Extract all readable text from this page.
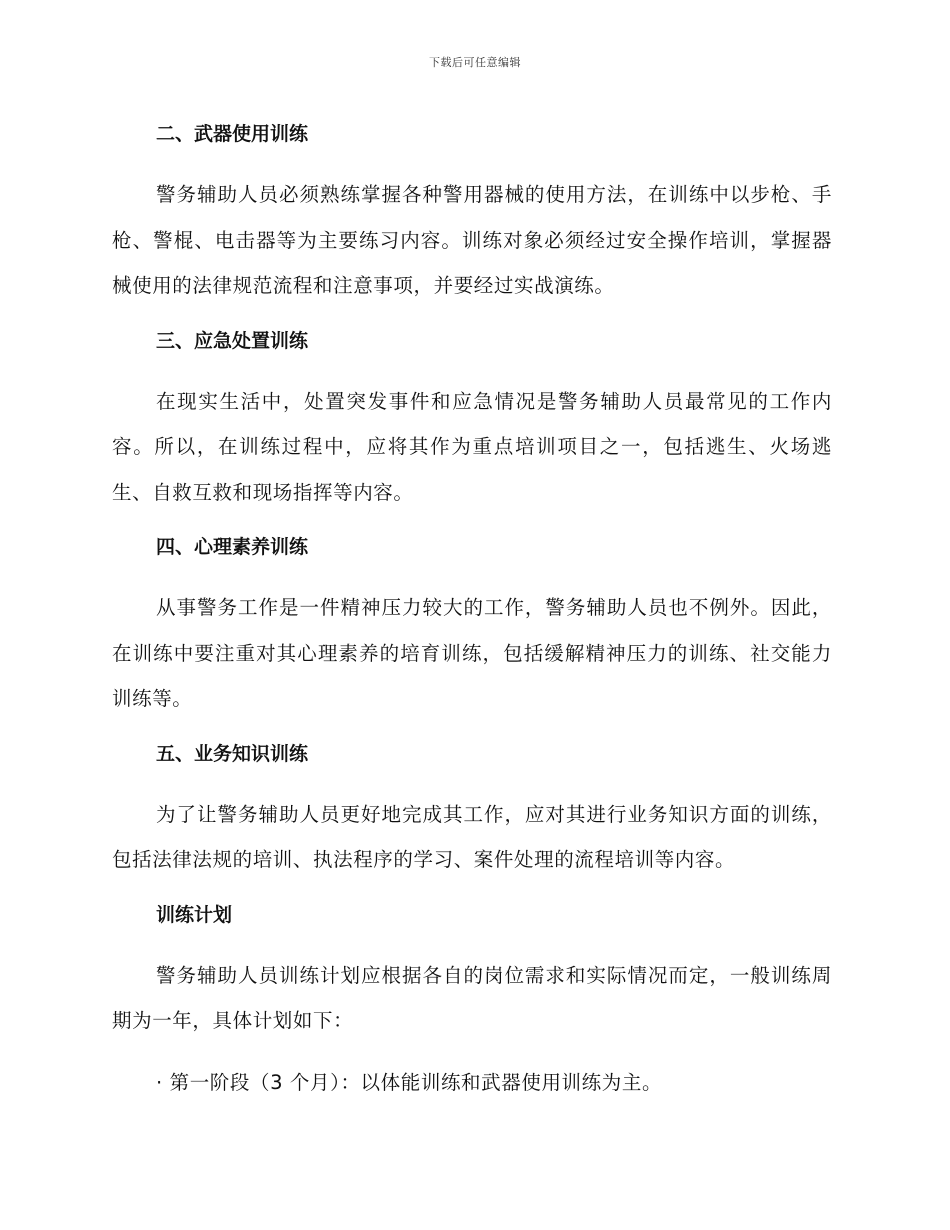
下载后可任意编辑
二、武器使用训练

警务辅助人员必须熟练掌握各种警用器械的使用方法，在训练中以步枪、手枪、警棍、电击器等为主要练习内容。训练对象必须经过安全操作培训，掌握器械使用的法律规范流程和注意事项，并要经过实战演练。

三、应急处置训练

在现实生活中，处置突发事件和应急情况是警务辅助人员最常见的工作内容。所以，在训练过程中，应将其作为重点培训项目之一，包括逃生、火场逃生、自救互救和现场指挥等内容。

四、心理素养训练

从事警务工作是一件精神压力较大的工作，警务辅助人员也不例外。因此，在训练中要注重对其心理素养的培育训练，包括缓解精神压力的训练、社交能力训练等。

五、业务知识训练

为了让警务辅助人员更好地完成其工作，应对其进行业务知识方面的训练，包括法律法规的培训、执法程序的学习、案件处理的流程培训等内容。

训练计划

警务辅助人员训练计划应根据各自的岗位需求和实际情况而定，一般训练周期为一年，具体计划如下：

· 第一阶段（3 个月）：以体能训练和武器使用训练为主。
